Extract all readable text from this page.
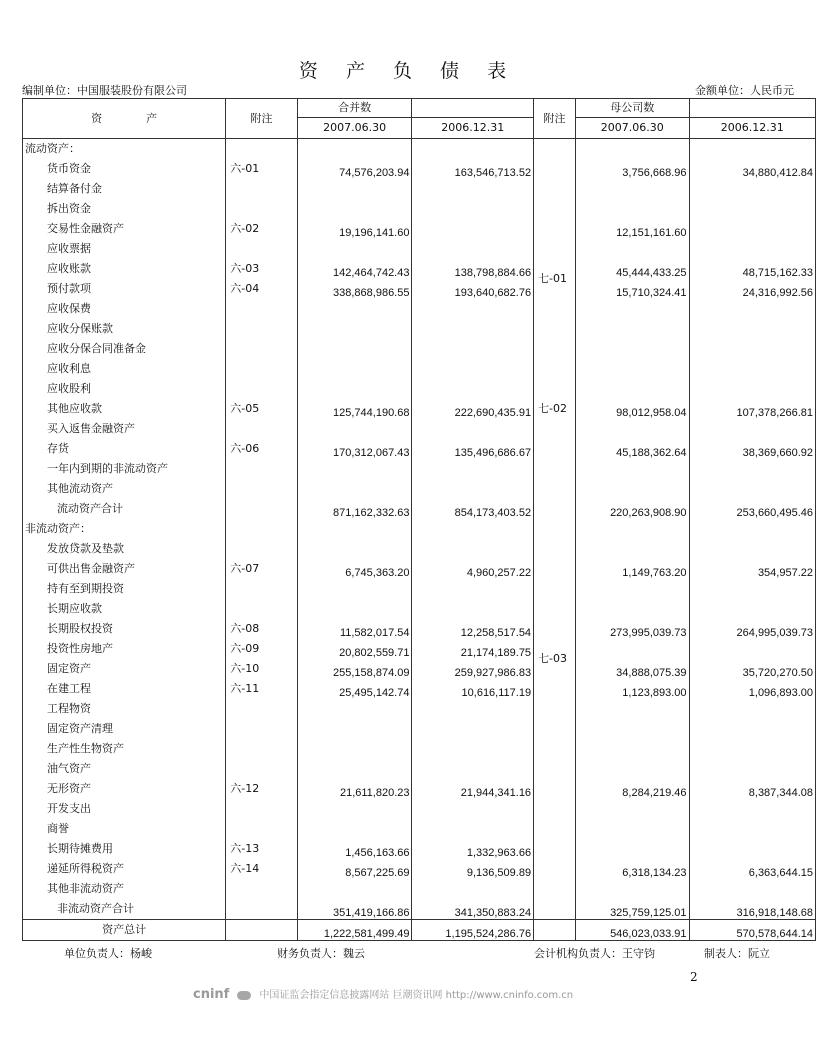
资 产 负 债 表
编制单位：中国服装股份有限公司	金额单位：人民币元
资　　　　产	附注	合并数		附注	母公司数	
		2007.06.30	2006.12.31		2007.06.30	2006.12.31
流动资产：						
货币资金	六-01	74,576,203.94	163,546,713.52		3,756,668.96	34,880,412.84
结算备付金						
拆出资金						
交易性金融资产	六-02	19,196,141.60			12,151,161.60	
应收票据						
应收账款	六-03	142,464,742.43	138,798,884.66	七-01	45,444,433.25	48,715,162.33
预付款项	六-04	338,868,986.55	193,640,682.76		15,710,324.41	24,316,992.56
应收保费						
应收分保账款						
应收分保合同准备金						
应收利息						
应收股利						
其他应收款	六-05	125,744,190.68	222,690,435.91	七-02	98,012,958.04	107,378,266.81
买入返售金融资产						
存货	六-06	170,312,067.43	135,496,686.67		45,188,362.64	38,369,660.92
一年内到期的非流动资产						
其他流动资产						
流动资产合计		871,162,332.63	854,173,403.52		220,263,908.90	253,660,495.46
非流动资产：						
发放贷款及垫款						
可供出售金融资产	六-07	6,745,363.20	4,960,257.22		1,149,763.20	354,957.22
持有至到期投资						
长期应收款						
长期股权投资	六-08	11,582,017.54	12,258,517.54	七-03	273,995,039.73	264,995,039.73
投资性房地产	六-09	20,802,559.71	21,174,189.75			
固定资产	六-10	255,158,874.09	259,927,986.83		34,888,075.39	35,720,270.50
在建工程	六-11	25,495,142.74	10,616,117.19		1,123,893.00	1,096,893.00
工程物资						
固定资产清理						
生产性生物资产						
油气资产						
无形资产	六-12	21,611,820.23	21,944,341.16		8,284,219.46	8,387,344.08
开发支出						
商誉						
长期待摊费用	六-13	1,456,163.66	1,332,963.66			
递延所得税资产	六-14	8,567,225.69	9,136,509.89		6,318,134.23	6,363,644.15
其他非流动资产						
非流动资产合计		351,419,166.86	341,350,883.24		325,759,125.01	316,918,148.68
资产总计		1,222,581,499.49	1,195,524,286.76		546,023,033.91	570,578,644.14
单位负责人：杨峻	财务负责人：魏云	会计机构负责人：王守钧	制表人：阮立
2
cninf	中国证监会指定信息披露网站 巨潮资讯网 http://www.cninfo.com.cn
